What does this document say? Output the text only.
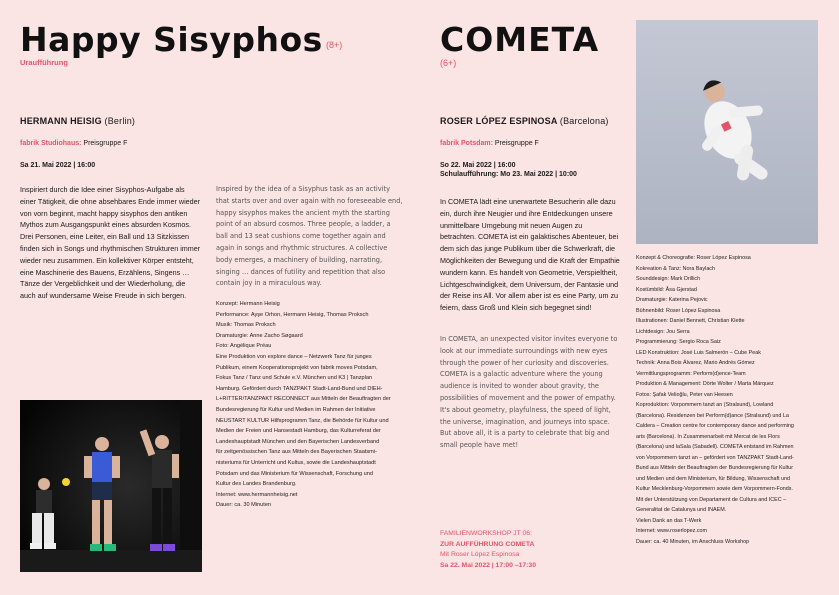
Happy Sisyphos (8+)
Uraufführung
HERMANN HEISIG (Berlin)
fabrik Studiohaus: Preisgruppe F
Sa 21. Mai 2022 | 16:00
Inspiriert durch die Idee einer Sisyphos-Aufgabe als einer Tätigkeit, die ohne absehbares Ende immer wieder von vorn beginnt, macht happy sisyphos den antiken Mythos zum Ausgangspunkt eines absurden Kosmos. Drei Personen, eine Leiter, ein Ball und 13 Sitzkissen finden sich in Songs und rhythmischen Strukturen immer wieder neu zusammen. Ein kollektiver Körper entsteht, eine Maschinerie des Bauens, Erzählens, Singens … Tänze der Vergeblichkeit und der Wiederholung, die auch auf wundersame Weise Freude in sich bergen.
Inspired by the idea of a Sisyphus task as an activity that starts over and over again with no foreseeable end, happy sisyphos makes the ancient myth the starting point of an absurd cosmos. Three people, a ladder, a ball and 13 seat cushions come together again and again in songs and rhythmic structures. A collective body emerges, a machinery of building, narrating, singing … dances of futility and repetition that also contain joy in a miraculous way.
Konzept: Hermann Heisig
Performance: Ayşe Orhon, Hermann Heisig, Thomas Proksch
Musik: Thomas Proksch
Dramaturgie: Anne Zacho Søgaard
Foto: Angélique Préau
Eine Produktion von explore dance – Netzwerk Tanz für junges
Publikum, einem Kooperationsprojekt von fabrik moves Potsdam,
Fokus Tanz / Tanz und Schule e.V. München und K3 | Tanzplan
Hamburg. Gefördert durch TANZPAKT Stadt-Land-Bund und DIEH-
L+RITTER/TANZPAKT RECONNECT aus Mitteln der Beauftragten der
Bundesregierung für Kultur und Medien im Rahmen der Initiative
NEUSTART KULTUR Hilfsprogramm Tanz, die Behörde für Kultur und
Medien der Freien und Hansestadt Hamburg, das Kulturreferat der
Landeshauptstadt München und den Bayerischen Landesverband
für zeitgenössischen Tanz aus Mitteln des Bayerischen Staatsmi-
nisteriums für Unterricht und Kultus, sowie die Landeshauptstadt
Potsdam und das Ministerium für Wissenschaft, Forschung und
Kultur des Landes Brandenburg.
Internet: www.hermannheisig.net
Dauer: ca. 30 Minuten
COMETA
(6+)
ROSER LÓPEZ ESPINOSA (Barcelona)
fabrik Potsdam: Preisgruppe F
So 22. Mai 2022 | 16:00
Schulaufführung: Mo 23. Mai 2022 | 10:00
In COMETA lädt eine unerwartete Besucherin alle dazu ein, durch ihre Neugier und ihre Entdeckungen unsere unmittelbare Umgebung mit neuen Augen zu betrachten. COMETA ist ein galaktisches Abenteuer, bei dem sich das junge Publikum über die Schwerkraft, die Möglichkeiten der Bewegung und die Kraft der Empathie wundern kann. Es handelt von Geometrie, Verspieltheit, Lichtgeschwindigkeit, dem Universum, der Fantasie und der Reise ins All. Vor allem aber ist es eine Party, um zu feiern, dass Groß und Klein sich begegnet sind!
In COMETA, an unexpected visitor invites everyone to look at our immediate surroundings with new eyes through the power of her curiosity and discoveries. COMETA is a galactic adventure where the young audience is invited to wonder about gravity, the possibilities of movement and the power of empathy. It's about geometry, playfulness, the speed of light, the universe, imagination, and journeys into space. But above all, it is a party to celebrate that big and small people have met!
FAMILIENWORKSHOP JT 06:
ZUR AUFFÜHRUNG COMETA
Mit Roser López Espinosa
Sa 22. Mai 2022 | 17:00 –17:30
Konzept & Choreografie: Roser López Espinosa
Kokreation & Tanz: Nora Baylach
Sounddesign: Mark Drillich
Kostümbild: Åsa Gjerstad
Dramaturgie: Katerina Pejovic
Bühnenbild: Roser López Espinosa
Illustrationen: Daniel Bennett, Christian Klette
Lichtdesign: Jou Serra
Programmierung: Sergio Roca Saiz
LED Konstruktion: José Luis Salmerón – Cube Peak
Technik: Anna Bois Álvarez, Mario Andrés Gómez
Vermittlungsprogramm: Perform(d)ence-Team
Produktion & Management: Dörte Wolter / Marta Márquez
Fotos: Şafak Velioğlu, Peter van Heesen
Koproduktion: Vorpommern tanzt an (Stralsund), Lowland
(Barcelona). Residenzen bei Perform(d)ance (Stralsund) und La
Caldera – Creation centre for contemporary dance and performing
arts (Barcelona). In Zusammenarbeit mit Mercat de les Flors
(Barcelona) und laSala (Sabadell). COMETA entstand im Rahmen
von Vorpommern tanzt an – gefördert von TANZPAKT Stadt-Land-
Bund aus Mitteln der Beauftragten der Bundesregierung für Kultur
und Medien und dem Ministerium, für Bildung, Wissenschaft und
Kultur Mecklenburg-Vorpommern sowie dem Vorpommern-Fonds.
Mit der Unterstützung von Departament de Cultura and ICEC –
Generalitat de Catalunya und INAEM.
Vielen Dank an das T-Werk
Internet: www.roserlopez.com
Dauer: ca. 40 Minuten, im Anschluss Workshop
